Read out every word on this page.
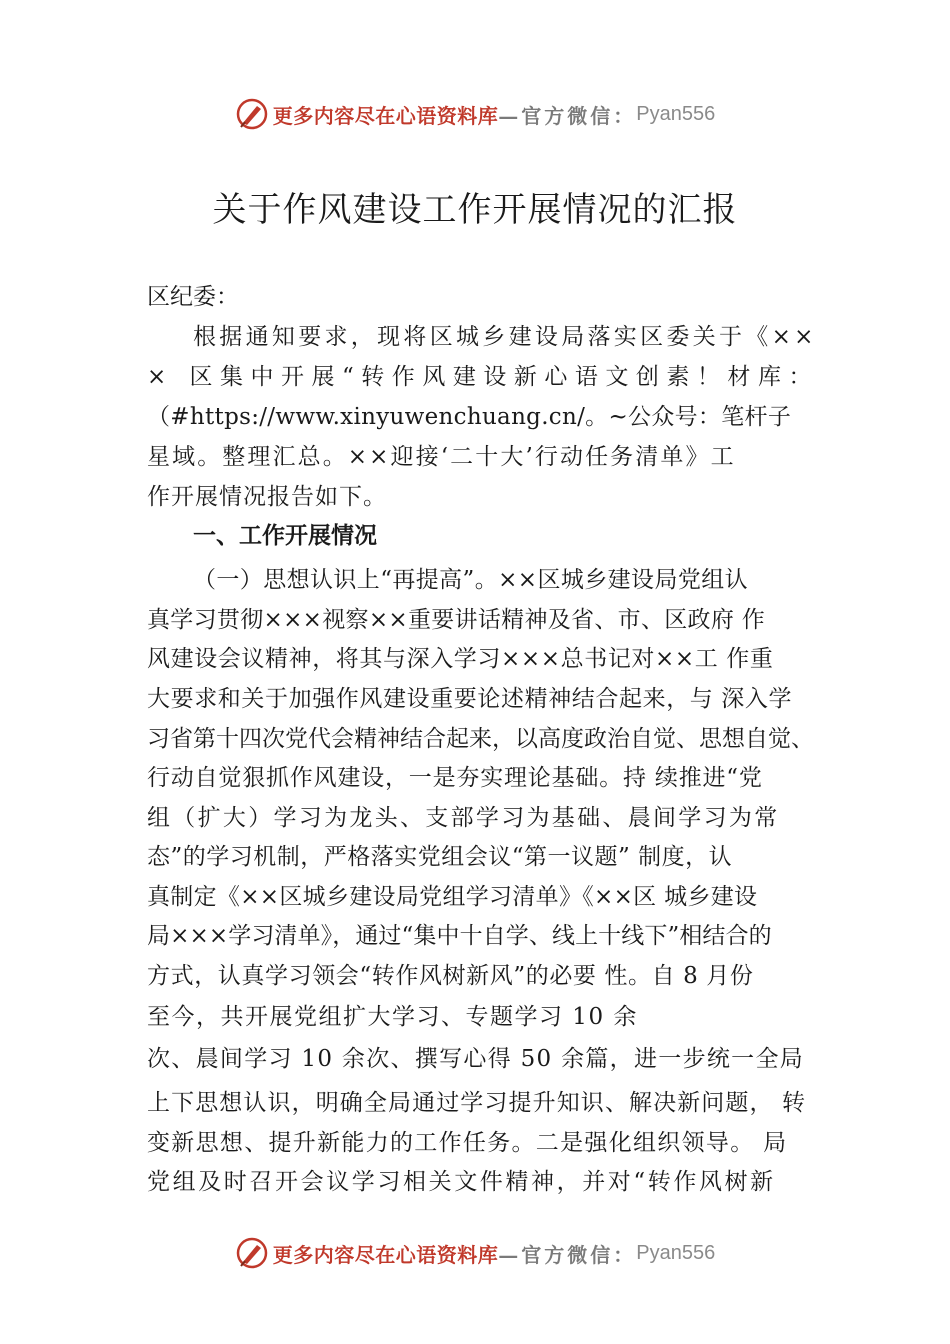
更多内容尽在心语资料库 —官方微信： Pyan556
关于作风建设工作开展情况的汇报
区纪委：
根据通知要求，现将区城乡建设局落实区委关于《××
×　区 集 中 开 展 “ 转 作 风 建 设 新 心 语 文 创 素 ！ 材 库 ：
（#https://www.xinyuwenchuang.cn/。~公众号：笔杆子
星域。整理汇总。××迎接‘二十大’行动任务清单》工
作开展情况报告如下。
一、工作开展情况
（一）思想认识上“再提高”。××区城乡建设局党组认
真学习贯彻×××视察××重要讲话精神及省、市、区政府 作
风建设会议精神，将其与深入学习×××总书记对××工 作重
大要求和关于加强作风建设重要论述精神结合起来，与 深入学
习省第十四次党代会精神结合起来，以高度政治自觉、思想自觉、
行动自觉狠抓作风建设，一是夯实理论基础。持 续推进“党
组（扩大）学习为龙头、支部学习为基础、晨间学习为常
态”的学习机制，严格落实党组会议“第一议题” 制度，认
真制定《××区城乡建设局党组学习清单》《××区 城乡建设
局×××学习清单》，通过“集中十自学、线上十线下”相结合的
方式，认真学习领会“转作风树新风”的必要 性。自 8 月份
至今，共开展党组扩大学习、专题学习 10 余
次、晨间学习 10 余次、撰写心得 50 余篇，进一步统一全局
上下思想认识，明确全局通过学习提升知识、解决新问题， 转
变新思想、提升新能力的工作任务。二是强化组织领导。 局
党组及时召开会议学习相关文件精神，并对“转作风树新
更多内容尽在心语资料库 —官方微信： Pyan556
